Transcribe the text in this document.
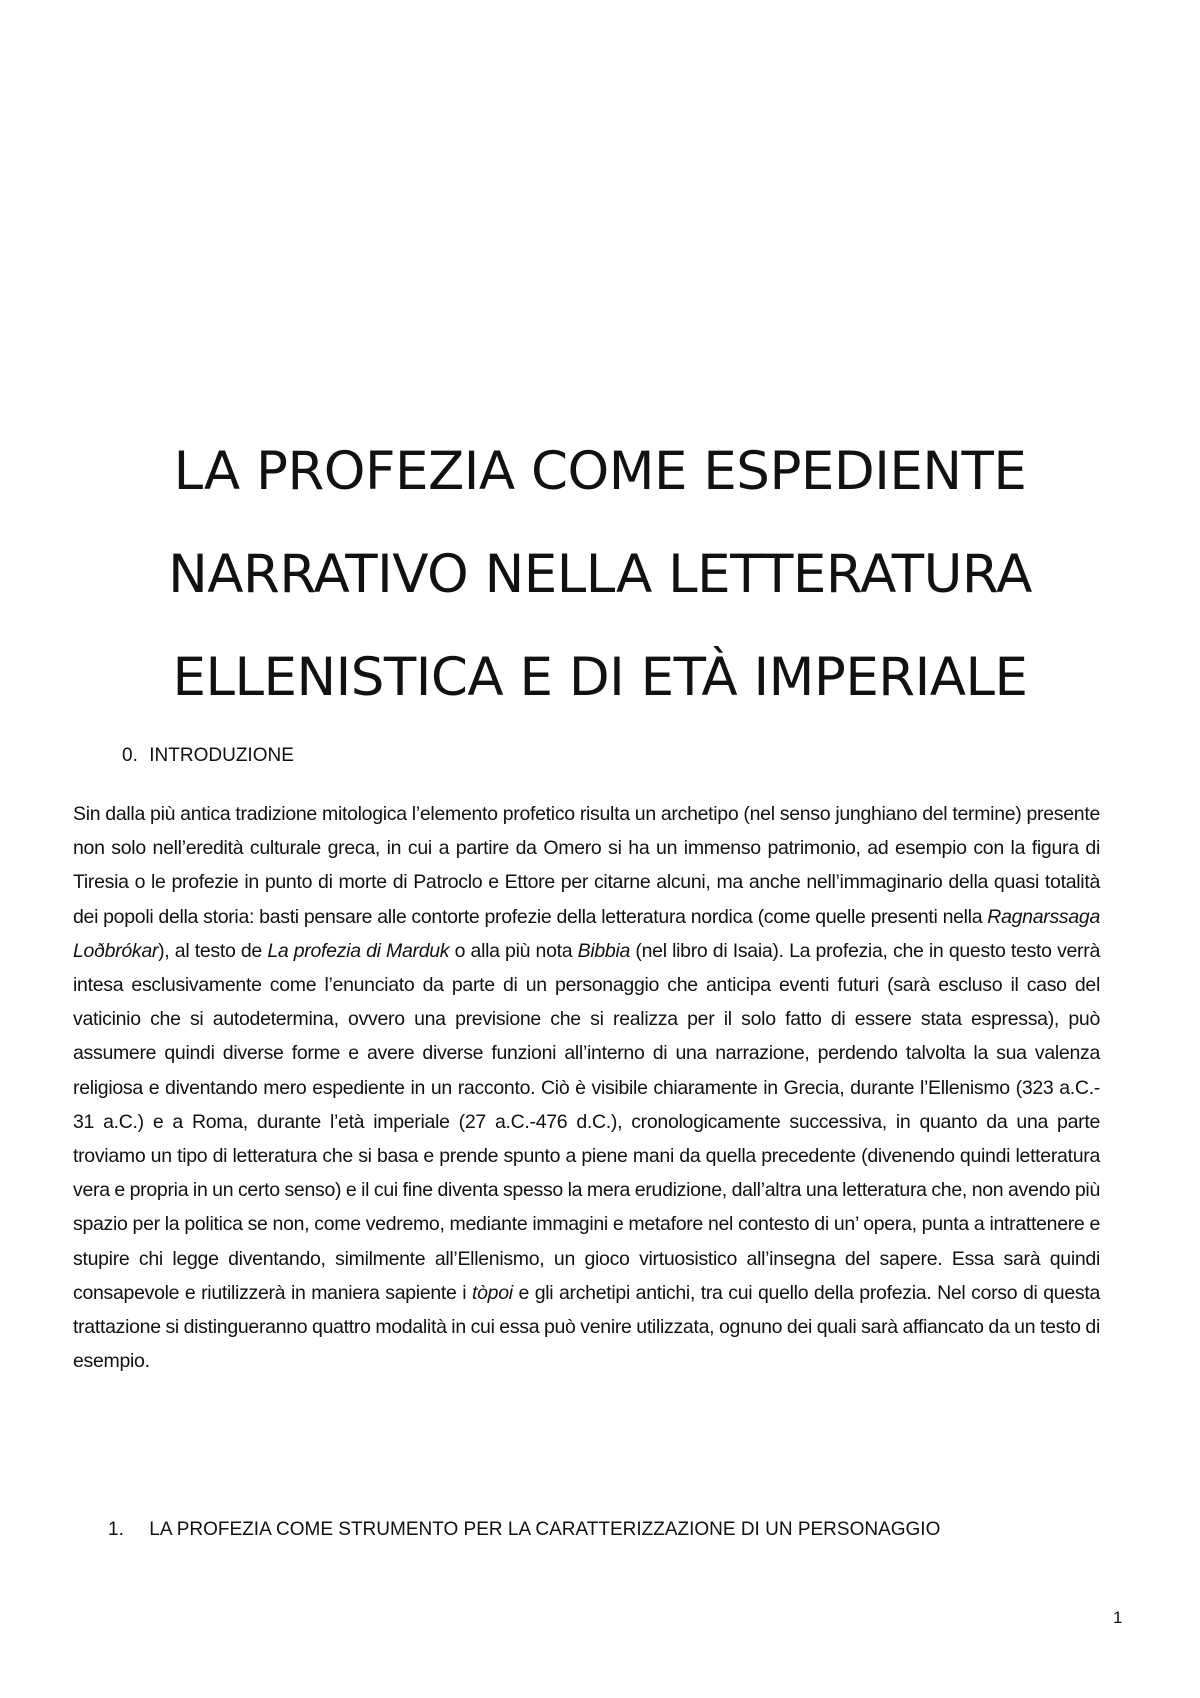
LA PROFEZIA COME ESPEDIENTE
NARRATIVO NELLA LETTERATURA
ELLENISTICA E DI ETÀ IMPERIALE
0. INTRODUZIONE

Sin dalla più antica tradizione mitologica l’elemento profetico risulta un archetipo (nel senso junghiano del termine) presente non solo nell’eredità culturale greca, in cui a partire da Omero si ha un immenso patrimonio, ad esempio con la figura di Tiresia o le profezie in punto di morte di Patroclo e Ettore per citarne alcuni, ma anche nell’immaginario della quasi totalità dei popoli della storia: basti pensare alle contorte profezie della letteratura nordica (come quelle presenti nella Ragnarssaga Loðbrókar), al testo de La profezia di Marduk o alla più nota Bibbia (nel libro di Isaia). La profezia, che in questo testo verrà intesa esclusivamente come l’enunciato da parte di un personaggio che anticipa eventi futuri (sarà escluso il caso del vaticinio che si autodetermina, ovvero una previsione che si realizza per il solo fatto di essere stata espressa), può assumere quindi diverse forme e avere diverse funzioni all’interno di una narrazione, perdendo talvolta la sua valenza religiosa e diventando mero espediente in un racconto. Ciò è visibile chiaramente in Grecia, durante l’Ellenismo (323 a.C.- 31 a.C.) e a Roma, durante l’età imperiale (27 a.C.-476 d.C.), cronologicamente successiva, in quanto da una parte troviamo un tipo di letteratura che si basa e prende spunto a piene mani da quella precedente (divenendo quindi letteratura vera e propria in un certo senso) e il cui fine diventa spesso la mera erudizione, dall’altra una letteratura che, non avendo più spazio per la politica se non, come vedremo, mediante immagini e metafore nel contesto di un’ opera, punta a intrattenere e stupire chi legge diventando, similmente all’Ellenismo, un gioco virtuosistico all’insegna del sapere. Essa sarà quindi consapevole e riutilizzerà in maniera sapiente i tòpoi e gli archetipi antichi, tra cui quello della profezia. Nel corso di questa trattazione si distingueranno quattro modalità in cui essa può venire utilizzata, ognuno dei quali sarà affiancato da un testo di esempio.

1. LA PROFEZIA COME STRUMENTO PER LA CARATTERIZZAZIONE DI UN PERSONAGGIO
1
